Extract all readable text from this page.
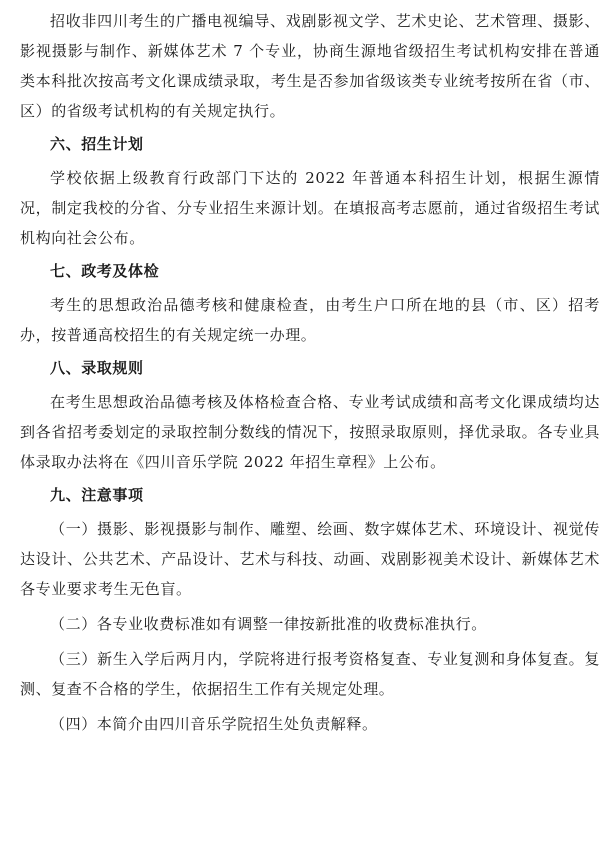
招收非四川考生的广播电视编导、戏剧影视文学、艺术史论、艺术管理、摄影、影视摄影与制作、新媒体艺术 7 个专业，协商生源地省级招生考试机构安排在普通类本科批次按高考文化课成绩录取，考生是否参加省级该类专业统考按所在省（市、区）的省级考试机构的有关规定执行。

六、招生计划

学校依据上级教育行政部门下达的 2022 年普通本科招生计划，根据生源情况，制定我校的分省、分专业招生来源计划。在填报高考志愿前，通过省级招生考试机构向社会公布。

七、政考及体检

考生的思想政治品德考核和健康检查，由考生户口所在地的县（市、区）招考办，按普通高校招生的有关规定统一办理。

八、录取规则

在考生思想政治品德考核及体格检查合格、专业考试成绩和高考文化课成绩均达到各省招考委划定的录取控制分数线的情况下，按照录取原则，择优录取。各专业具体录取办法将在《四川音乐学院 2022 年招生章程》上公布。

九、注意事项

（一）摄影、影视摄影与制作、雕塑、绘画、数字媒体艺术、环境设计、视觉传达设计、公共艺术、产品设计、艺术与科技、动画、戏剧影视美术设计、新媒体艺术各专业要求考生无色盲。

（二）各专业收费标准如有调整一律按新批准的收费标准执行。

（三）新生入学后两月内，学院将进行报考资格复查、专业复测和身体复查。复测、复查不合格的学生，依据招生工作有关规定处理。

（四）本简介由四川音乐学院招生处负责解释。
